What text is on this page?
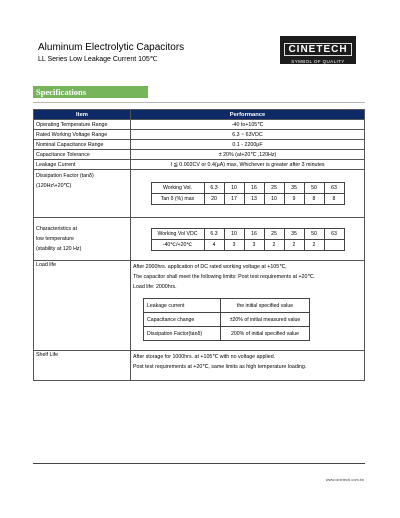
Aluminum Electrolytic Capacitors
LL Series Low Leakage Current 105℃
CINETECH
SYMBOL OF QUALITY
Specifications
Item	Performance
Operating Temperature Range	-40 to+105℃
Rated Working Voltage Range	6.3 ~ 63VDC
Nominal Capacitance Range	0.1 - 2200μF
Capacitance Tolerance	± 20% (at+20℃ ,120Hz)
Leakage Current	I ≦ 0.002CV or 0.4(μA) max, Whichever is greater after 3 minutes

Dissipation Factor (tanδ)
(120Hz\+20℃)
		Working Vol.	6.3	10	16	25	35	50	63
Tan δ (%) max	20	17	13	10	9	8	8

Characteristics at
low temperature
(stability at 120 Hz)

Working Vol VDC	6.3	10	16	25	35	50	63
-40℃/+20℃	4	3	3	2	2	2	

Load life	After 2000hrs. application of DC rated working voltage at +105℃,
The capacitor shall meet the following limits: Post test requirements at +20℃.
Load life: 2000hrs.
Leakage current	the initial specified value
Capacitance change	±20% of initial measured value
Dissipation Factor(tanδ)	200% of initial specified value

Shelf Life	After storage for 1000hrs. at +105℃ with no voltage applied.
Post test requirements at +20℃, same limits as high temperature loading.
www.cinetech.com.tw
